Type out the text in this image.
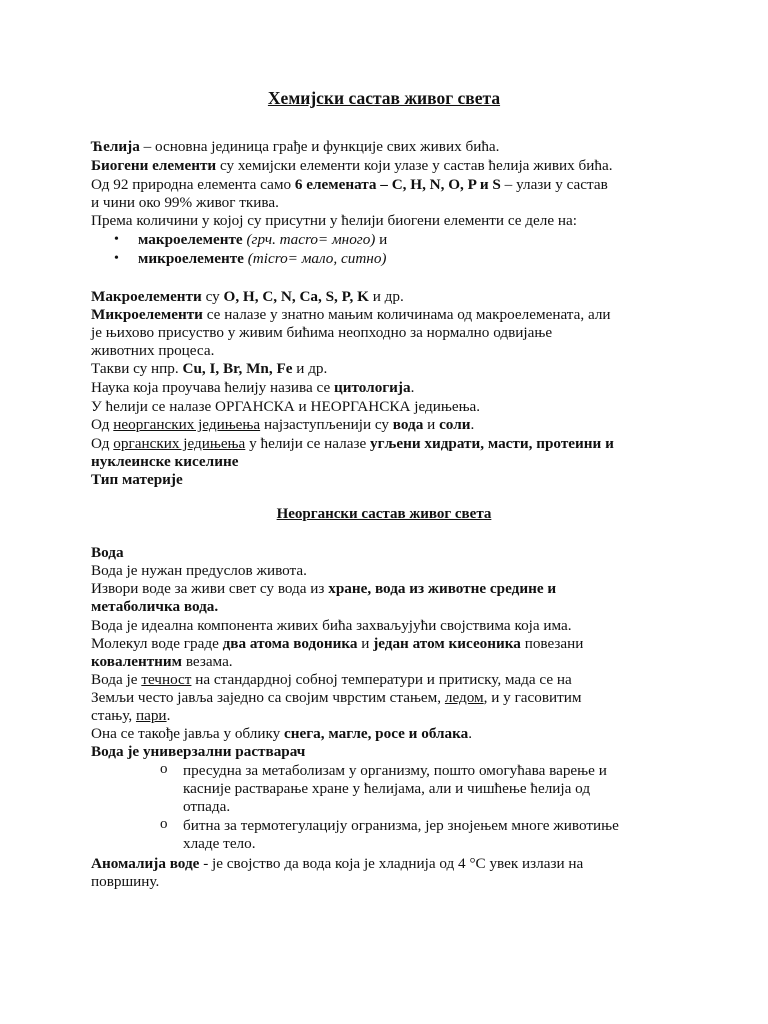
Хемијски састав живог света
Неоргански састав живог света
Ћелија – основна јединица грађе и функције свих живих бића.
Биогени елементи су хемијски елементи који улазе у састав ћелија живих бића.
Од 92 природна елемента само 6 елемената – C, H, N, O, P и S – улази у састав
и чини око 99% живог ткива.
Према количини у којој су присутни у ћелији биогени елементи се деле на:
макроелементе (грч. macro= много) и
микроелементе (micro= мало, ситно)
Макроелементи су O, H, C, N, Ca, S, P, K и др.
Микроелементи се налазе у знатно мањим количинама од макроелемената, али
је њихово присуство у живим бићима неопходно за нормално одвијање
животних процеса.
Такви су нпр. Cu, I, Br, Mn, Fe и др.
Наука која проучава ћелију назива се цитологија.
У ћелији се налазе ОРГАНСКА и НЕОРГАНСКА једињења.
Од неорганских једињења најзаступљенији су вода и соли.
Од органских једињења у ћелији се налазе угљени хидрати, масти, протеини и
нуклеинске киселине
Тип материје
Вода
Вода је нужан предуслов живота.
Извори воде за живи свет су вода из хране, вода из животне средине и
метаболичка вода.
Вода је идеална компонента живих бића захваљујући својствима која има.
Молекул воде граде два атома водоника и један атом кисеоника повезани
ковалентним везама.
Вода је течност на стандардној собној температури и притиску, мада се на
Земљи често јавља заједно са својим чврстим стањем, ледом, и у гасовитим
стању, пари.
Она се такође јавља у облику снега, магле, росе и облака.
Вода је универзални растварач
пресудна за метаболизам у организму, пошто омогућава варење и
касније растварање хране у ћелијама, али и чишћење ћелија од
отпада.
битна за термотегулацију огранизма, јер знојењем многе животиње
хладе тело.
Аномалија воде - је својство да вода која је хладнија од 4 °C увек излази на
површину.
•
•
o
o
